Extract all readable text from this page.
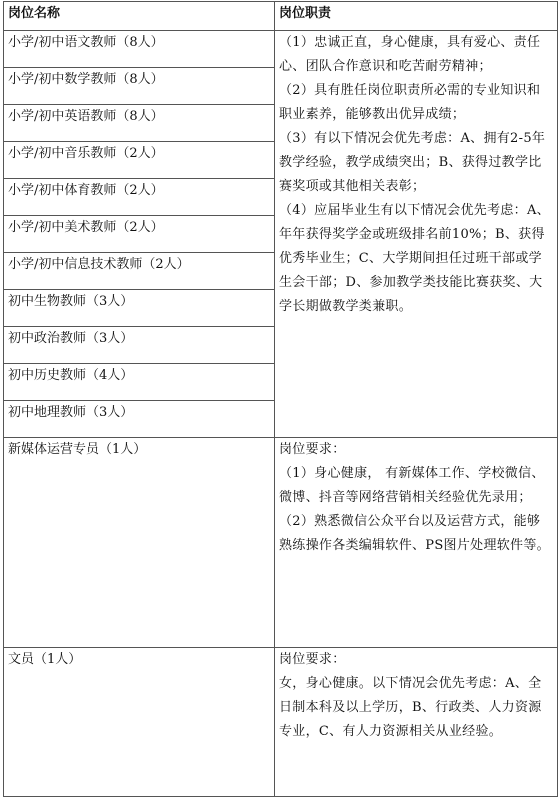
岗位名称	岗位职责
小学/初中语文教师（8人）	（1）忠诚正直，身心健康，具有爱心、责任心、团队合作意识和吃苦耐劳精神；

（2）具有胜任岗位职责所必需的专业知识和职业素养，能够教出优异成绩；

（3）有以下情况会优先考虑：A、拥有2-5年教学经验，教学成绩突出；B、获得过教学比赛奖项或其他相关表彰；

（4）应届毕业生有以下情况会优先考虑：A、年年获得奖学金或班级排名前10%；B、获得优秀毕业生；C、大学期间担任过班干部或学生会干部；D、参加教学类技能比赛获奖、大学长期做教学类兼职。

小学/初中数学教师（8人）	
小学/初中英语教师（8人）	
小学/初中音乐教师（2人）	
小学/初中体育教师（2人）	
小学/初中美术教师（2人）	
小学/初中信息技术教师（2人）	
初中生物教师（3人）	
初中政治教师（3人）	
初中历史教师（4人）	
初中地理教师（3人）	
新媒体运营专员（1人）	岗位要求：

（1）身心健康， 有新媒体工作、学校微信、微博、抖音等网络营销相关经验优先录用；

（2）熟悉微信公众平台以及运营方式，能够熟练操作各类编辑软件、PS图片处理软件等。

文员（1人）	岗位要求：

女，身心健康。以下情况会优先考虑：A、全日制本科及以上学历，B、行政类、人力资源专业，C、有人力资源相关从业经验。
